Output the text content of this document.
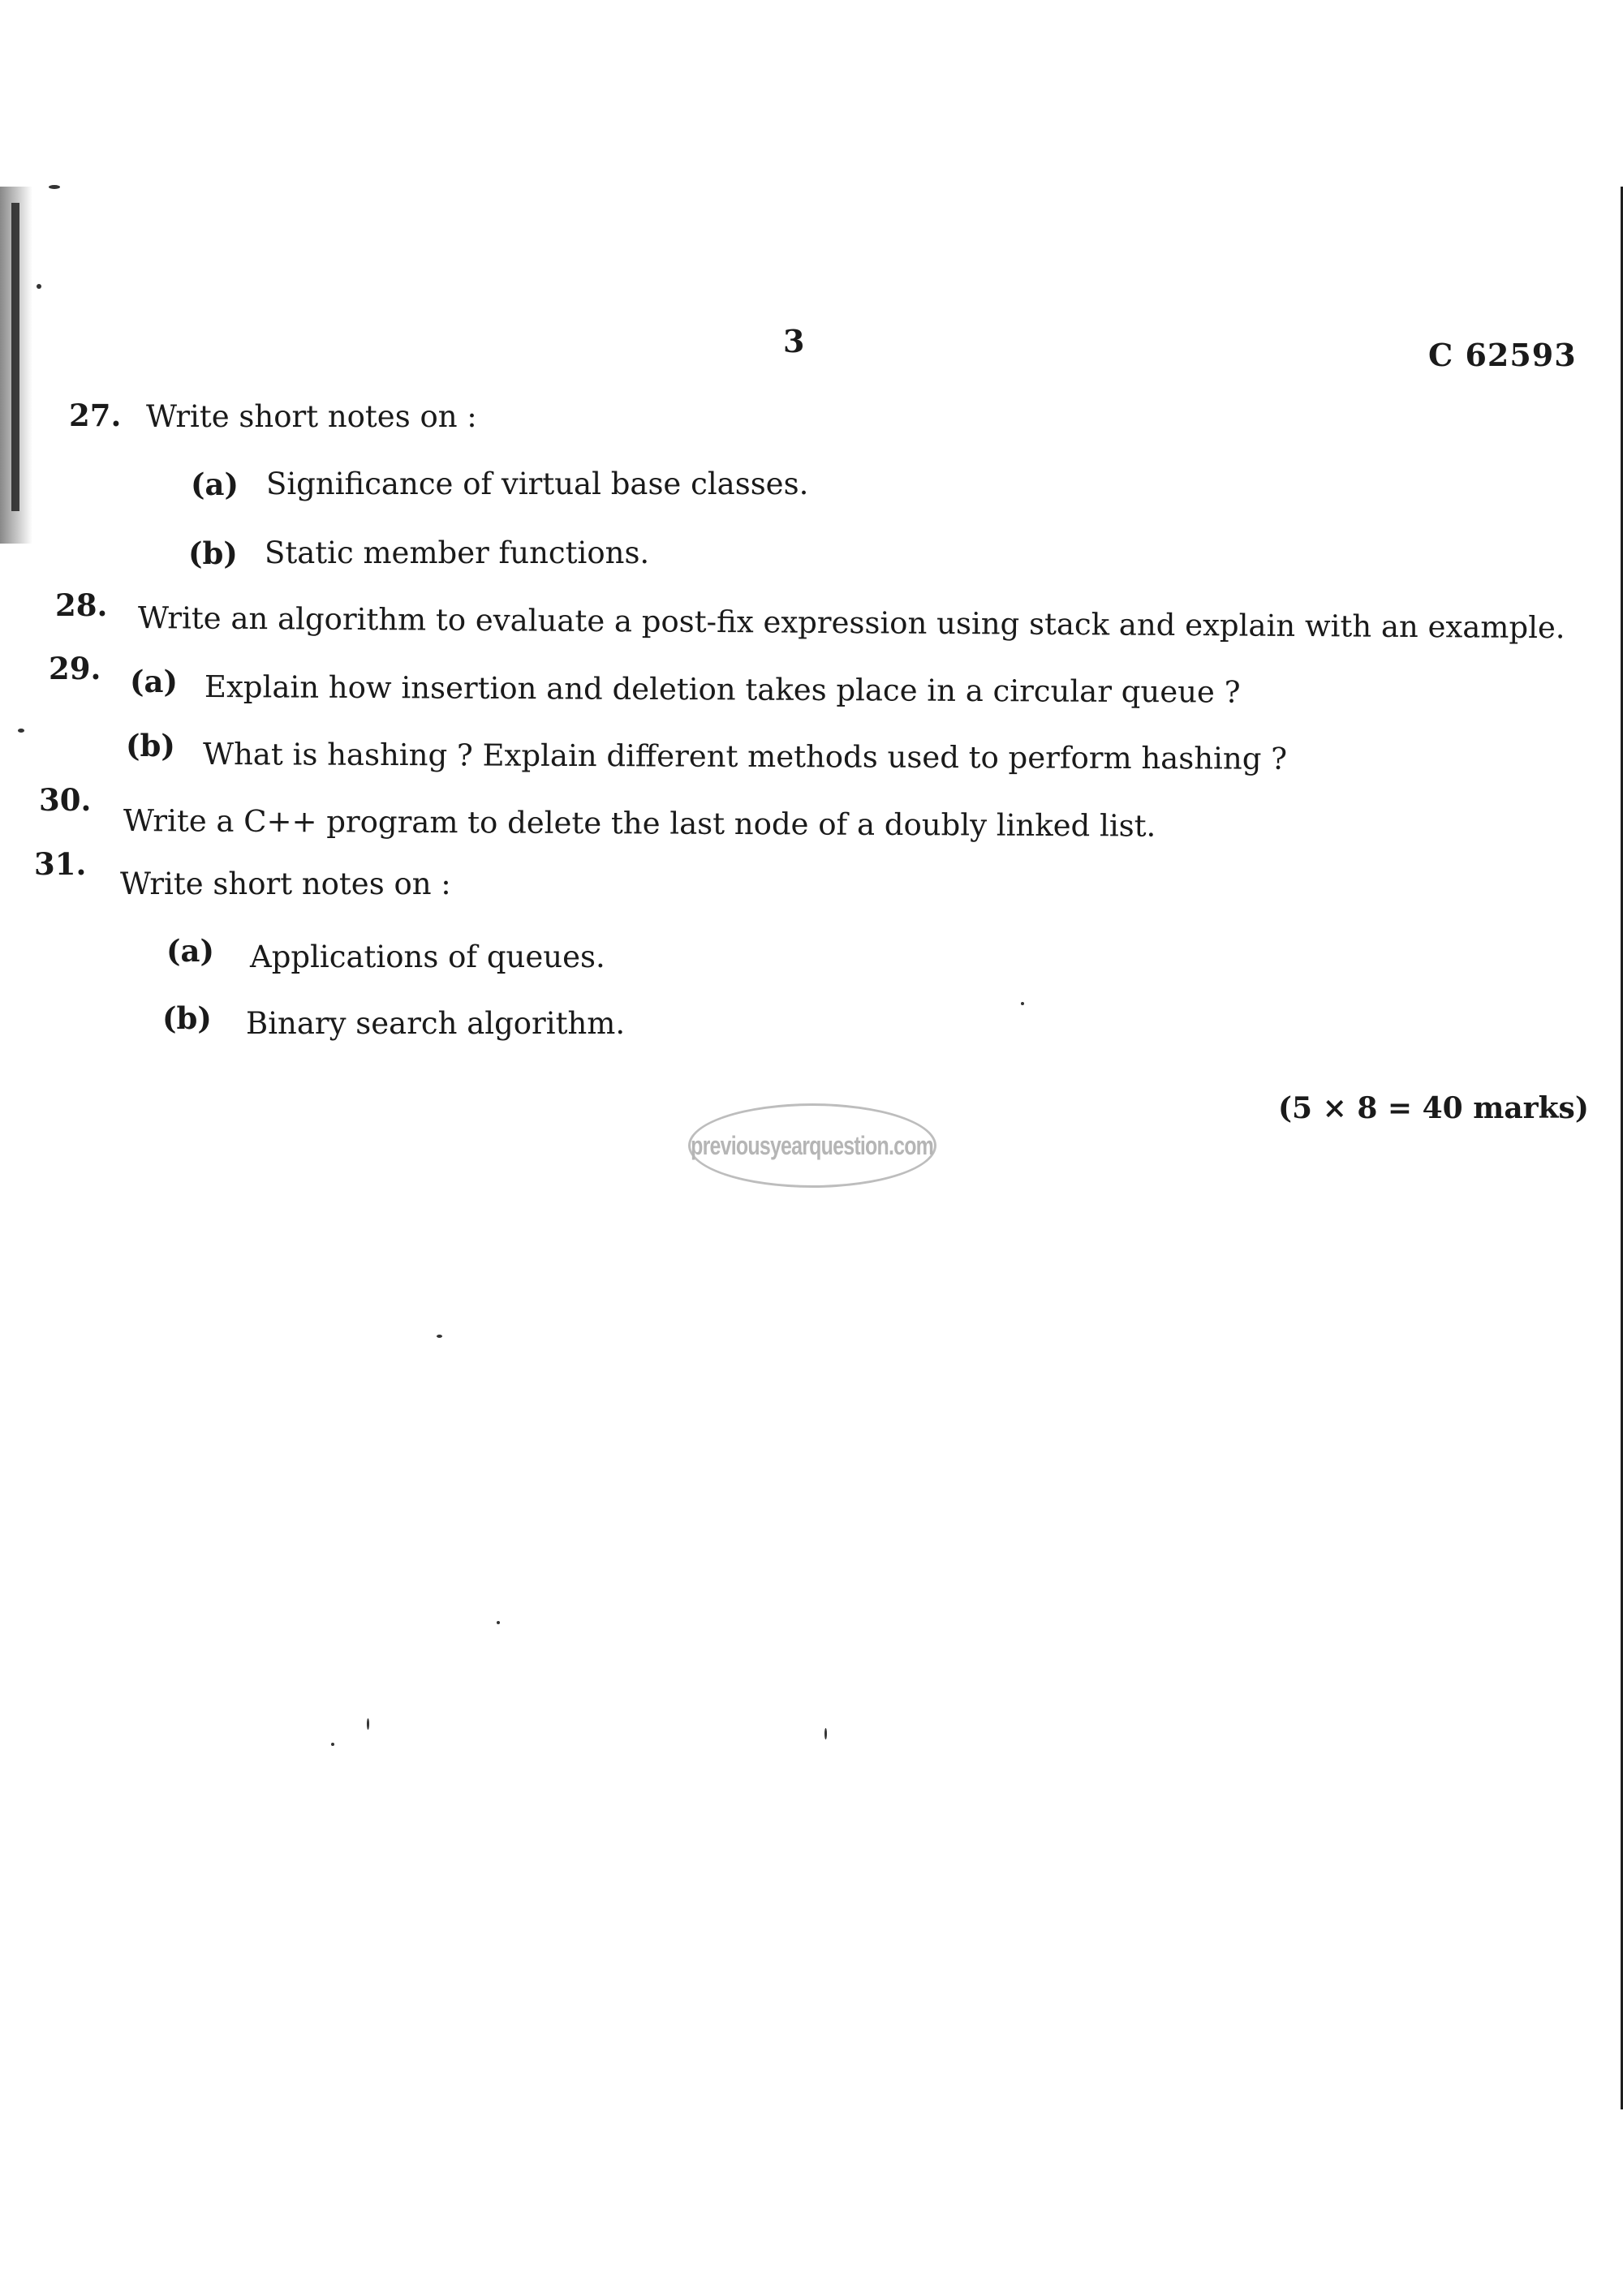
3	C 62593
27. Write short notes on :
(a) Significance of virtual base classes.
(b) Static member functions.
28. Write an algorithm to evaluate a post-fix expression using stack and explain with an example.
29. (a) Explain how insertion and deletion takes place in a circular queue ?
(b) What is hashing ? Explain different methods used to perform hashing ?
30.
Write a C++ program to delete the last node of a doubly linked list.
31.
Write short notes on :
(a) Applications of queues.
(b) Binary search algorithm.
(5 × 8 = 40 marks)
previousyearquestion.com
